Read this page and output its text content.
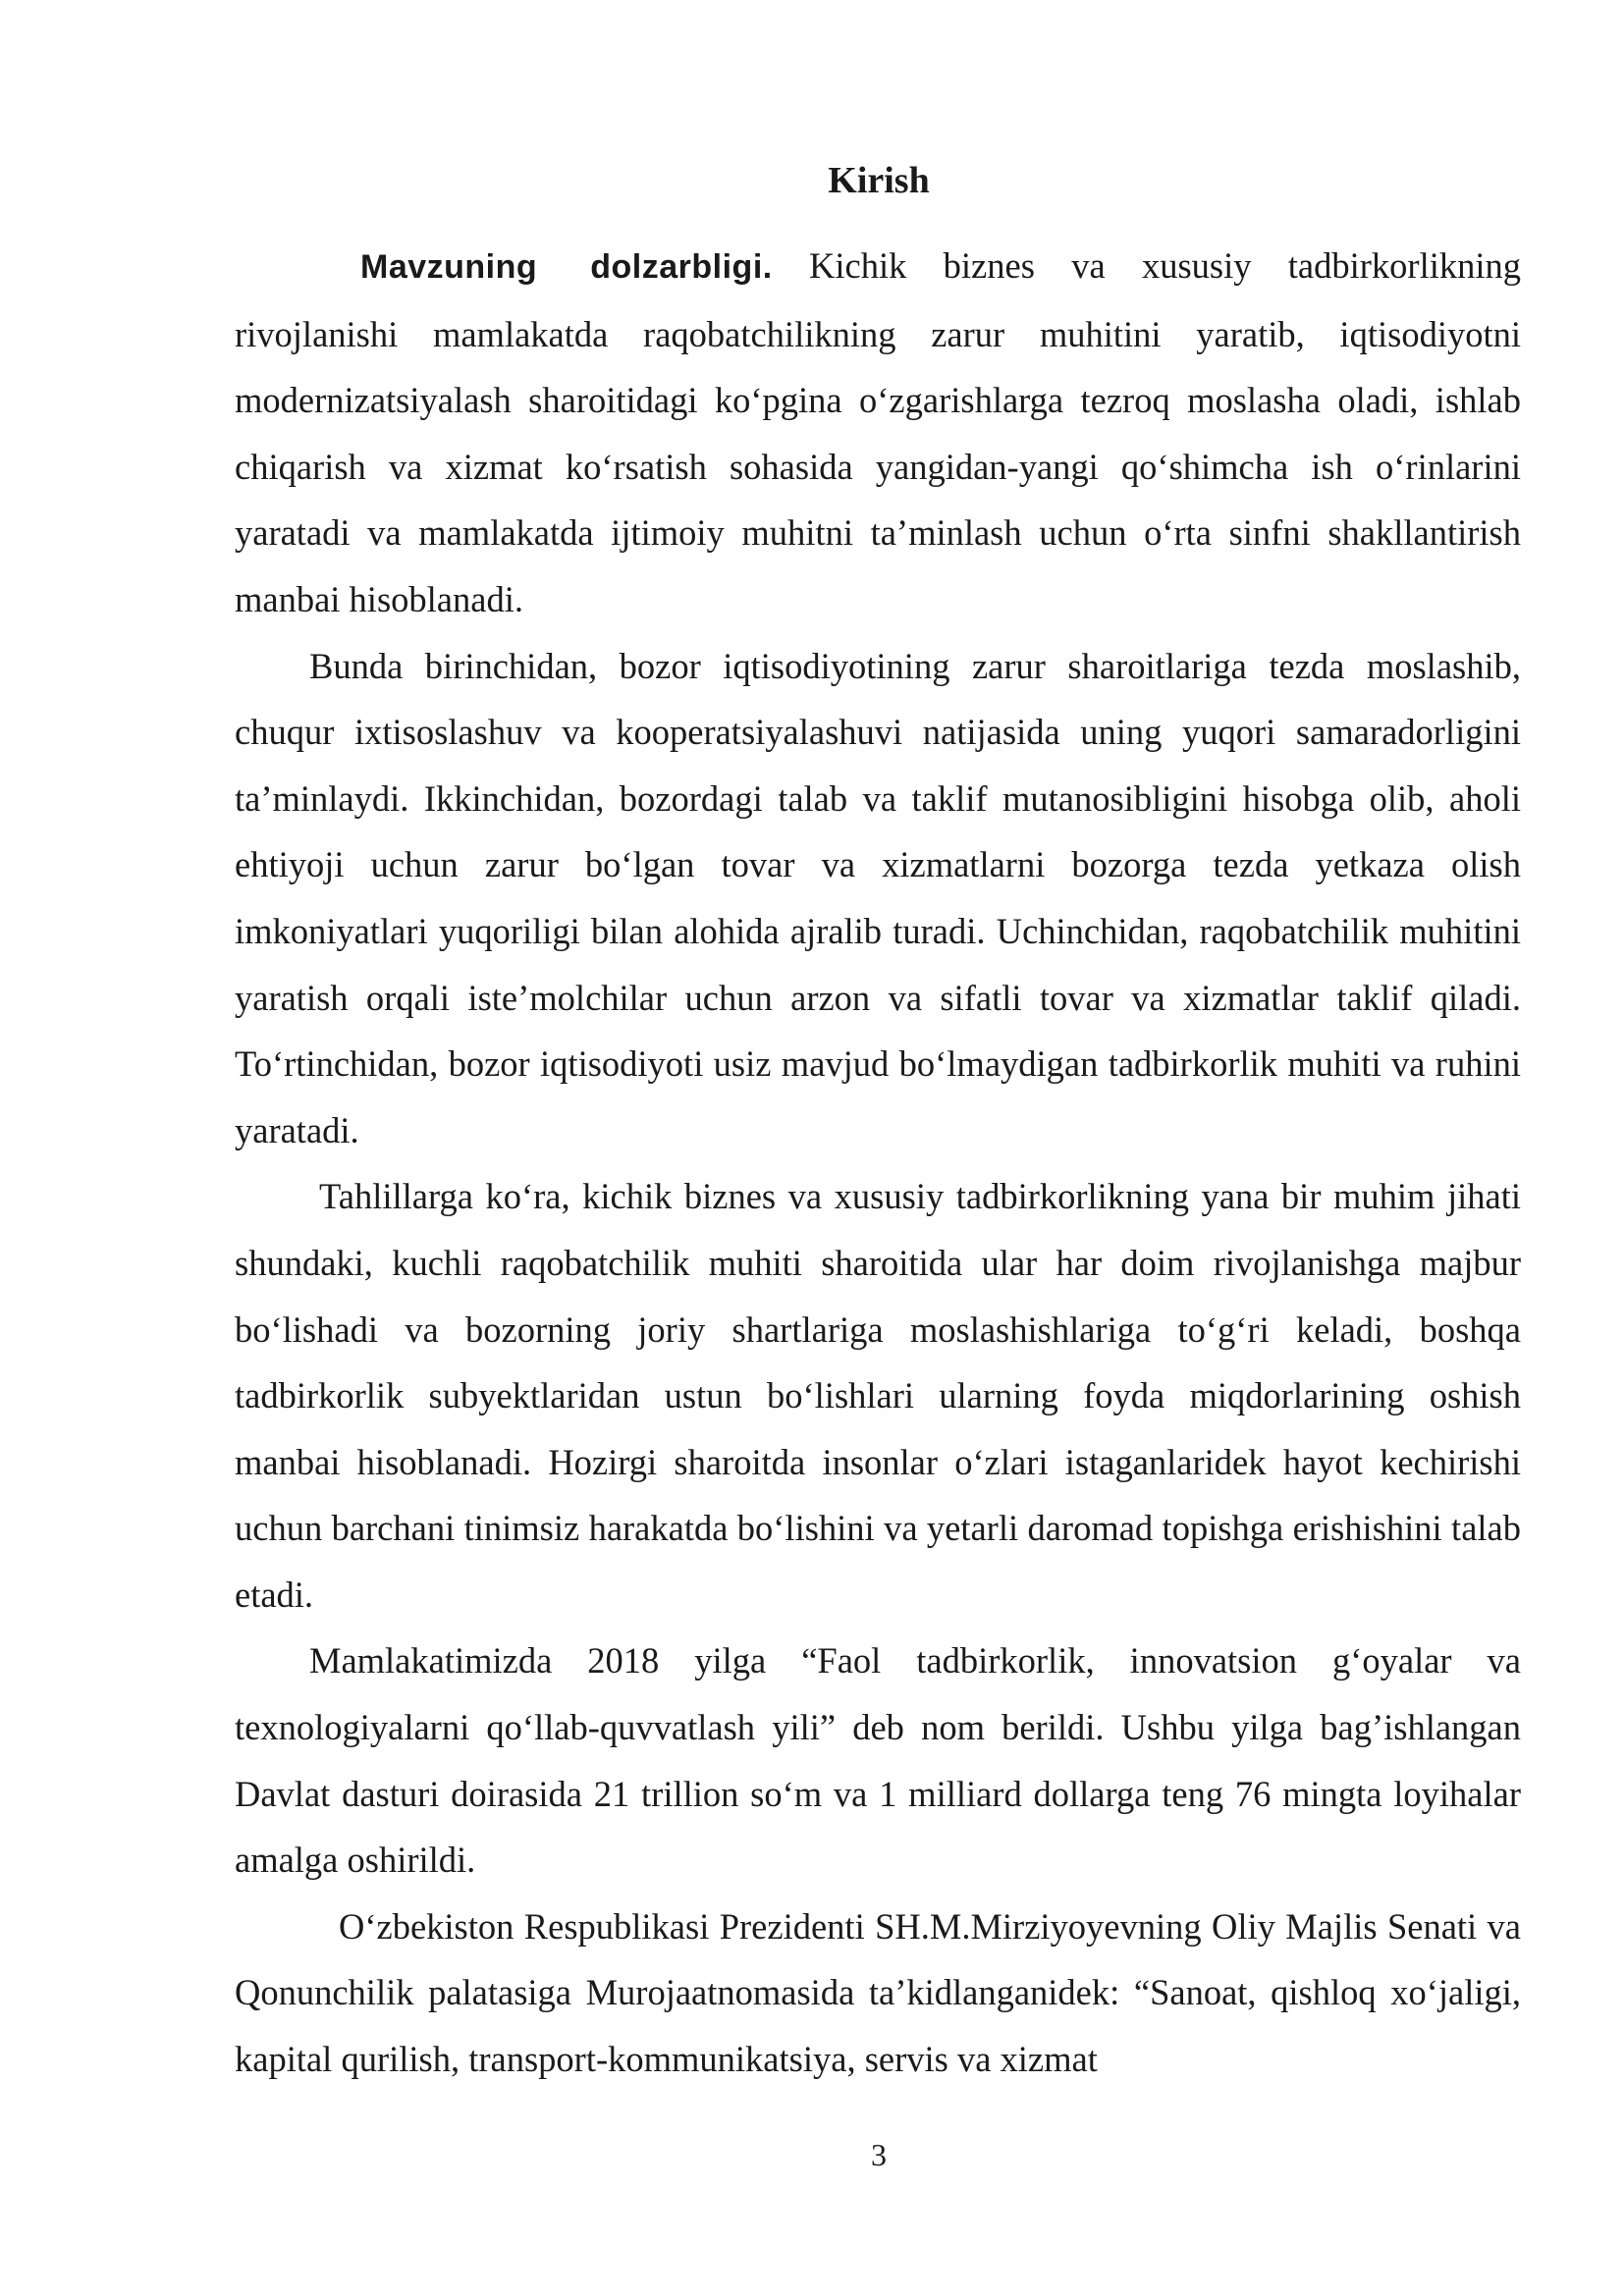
Kirish

Mavzuning dolzarbligi. Kichik biznes va xususiy tadbirkorlikning rivojlanishi mamlakatda raqobatchilikning zarur muhitini yaratib, iqtisodiyotni modernizatsiyalash sharoitidagi ko‘pgina o‘zgarishlarga tezroq moslasha oladi, ishlab chiqarish va xizmat ko‘rsatish sohasida yangidan-yangi qo‘shimcha ish o‘rinlarini yaratadi va mamlakatda ijtimoiy muhitni ta’minlash uchun o‘rta sinfni shakllantirish manbai hisoblanadi.

Bunda birinchidan, bozor iqtisodiyotining zarur sharoitlariga tezda moslashib, chuqur ixtisoslashuv va kooperatsiyalashuvi natijasida uning yuqori samaradorligini ta’minlaydi. Ikkinchidan, bozordagi talab va taklif mutanosibligini hisobga olib, aholi ehtiyoji uchun zarur bo‘lgan tovar va xizmatlarni bozorga tezda yetkaza olish imkoniyatlari yuqoriligi bilan alohida ajralib turadi. Uchinchidan, raqobatchilik muhitini yaratish orqali iste’molchilar uchun arzon va sifatli tovar va xizmatlar taklif qiladi. To‘rtinchidan, bozor iqtisodiyoti usiz mavjud bo‘lmaydigan tadbirkorlik muhiti va ruhini yaratadi.

Tahlillarga ko‘ra, kichik biznes va xususiy tadbirkorlikning yana bir muhim jihati shundaki, kuchli raqobatchilik muhiti sharoitida ular har doim rivojlanishga majbur bo‘lishadi va bozorning joriy shartlariga moslashishlariga to‘g‘ri keladi, boshqa tadbirkorlik subyektlaridan ustun bo‘lishlari ularning foyda miqdorlarining oshish manbai hisoblanadi. Hozirgi sharoitda insonlar o‘zlari istaganlaridek hayot kechirishi uchun barchani tinimsiz harakatda bo‘lishini va yetarli daromad topishga erishishini talab etadi.

Mamlakatimizda 2018 yilga “Faol tadbirkorlik, innovatsion g‘oyalar va texnologiyalarni qo‘llab-quvvatlash yili” deb nom berildi. Ushbu yilga bag’ishlangan Davlat dasturi doirasida 21 trillion so‘m va 1 milliard dollarga teng 76 mingta loyihalar amalga oshirildi.

O‘zbekiston Respublikasi Prezidenti SH.M.Mirziyoyevning Oliy Majlis Senati va Qonunchilik palatasiga Murojaatnomasida ta’kidlanganidek: “Sanoat, qishloq xo‘jaligi, kapital qurilish, transport-kommunikatsiya, servis va xizmat

3
